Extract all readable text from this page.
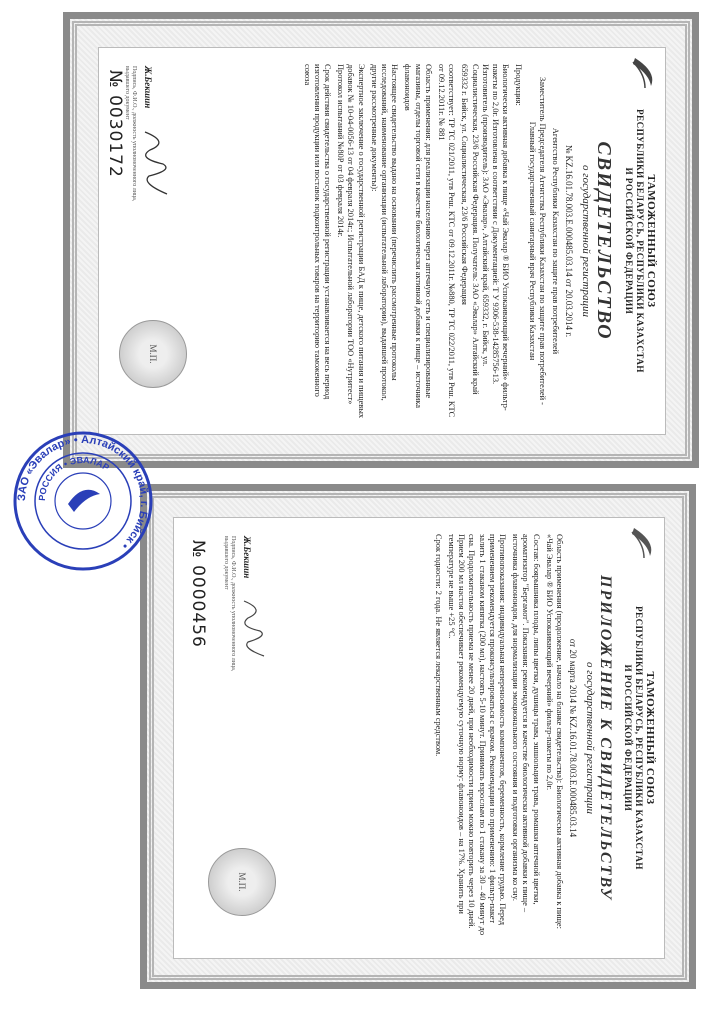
ТАМОЖЕННЫЙ СОЮЗ
РЕСПУБЛИКИ БЕЛАРУСЬ, РЕСПУБЛИКИ КАЗАХСТАН
И РОССИЙСКОЙ ФЕДЕРАЦИИ
СВИДЕТЕЛЬСТВО
о государственной регистрации
№ KZ.16.01.78.003.E.000485.03.14 от 20.03.2014 г.
Агентство Республики Казахстан по защите прав потребителей
Заместитель Председателя Агентства Республики Казахстан по защите прав потребителей - Главный государственный санитарный врач Республики Казахстан
Продукция:
Биологически активная добавка к пище «Чай Эвалар ® БИО Успокаивающий вечерний» фильтр-пакеты по 2,0г. Изготовлена в соответствии с Документацией: Т У 9306-538-14285756-13. Изготовитель (производитель): ЗАО «Эвалар», Алтайский край, 659332, г. Бийск, ул. Социалистическая, 23/6 Российская Федерация. Получатель: ЗАО «Эвалар» Алтайский край 659332 г. Бийск, ул. Социалистическая, 23/6 Российская Федерация
соответствует: ТР ТС 021/2011, утв Реш. КТС от 09.12.2011г. №880, ТР ТС 022/2011, утв Реш. КТС от 09.12.2011г. № 881
Область применения: для реализации населению через аптечную сеть и специализированные магазины, отделы торговой сети в качестве биологически активной добавки к пище – источника флавоноидов
Настоящее свидетельство выдано на основании (перечислить рассмотренные протоколы исследований, наименование организации (испытательной лаборатории), выдавшей протокол, другие рассмотренные документы):
Экспертное заключение о государственной регистрации БАД к пище, детского питания и пищевых добавок № 10-04-0056-13 от 04 февраля 2014г.; Испытательной лаборатории ТОО «Нутритест» Протокол испытаний №80Р от 03 февраля 2014г.
Срок действия свидетельства о государственной регистрации устанавливается на весь период изготовления продукции или поставок подконтрольных товаров на территорию таможенного союза
М.П.
Ж.Бекшин
Подпись, Ф.И.О., должность уполномоченного лица, выдавшего документ
№ 0030172
ТАМОЖЕННЫЙ СОЮЗ
РЕСПУБЛИКИ БЕЛАРУСЬ, РЕСПУБЛИКИ КАЗАХСТАН
И РОССИЙСКОЙ ФЕДЕРАЦИИ
ПРИЛОЖЕНИЕ К СВИДЕТЕЛЬСТВУ
о государственной регистрации
от 20 марта 2014 № KZ.16.01.78.003.E.000485.03.14
Область применения (продолжение, начало на бланке свидетельства): Биологически активная добавка к пище: «Чай Эвалар ® БИО Успокаивающий вечерний» фильтр-пакеты по 2,0г.
Состав: боярышника плоды, липы цветки, душицы трава, эшшольции трава, ромашки аптечной цветки, ароматизатор "Бергамот". Показания: рекомендуется в качестве биологически активной добавки к пище – источника флавоноидов, для нормализации эмоционального состояния и подготовки организма ко сну.
Противопоказания: индивидуальная непереносимость компонентов, беременность, кормление грудью. Перед применением рекомендуется проконсультироваться с врачом. Рекомендации по применению: 1 фильтр-пакет залить 1 стаканом кипятка (200 мл), настоять 5-10 минут. Принимать взрослым по 1 стакану за 30 – 40 минут до сна. Продолжительность приема не менее 20 дней, при необходимости прием можно повторить через 10 дней. Прием 200 мл настоя обеспечивает рекомендуемую суточную норму: флавоноидов – на 17%. Хранить при температуре не выше +25 °С.
Срок годности: 2 года. Не является лекарственным средством.
М.П.
Ж.Бекшин
Подпись, Ф.И.О., должность уполномоченного лица, выдавшего документ
№ 0000456
ЗАО «Эвалар» • Алтайский край, г. Бийск •
РОССИЯ • ЭВАЛАР
